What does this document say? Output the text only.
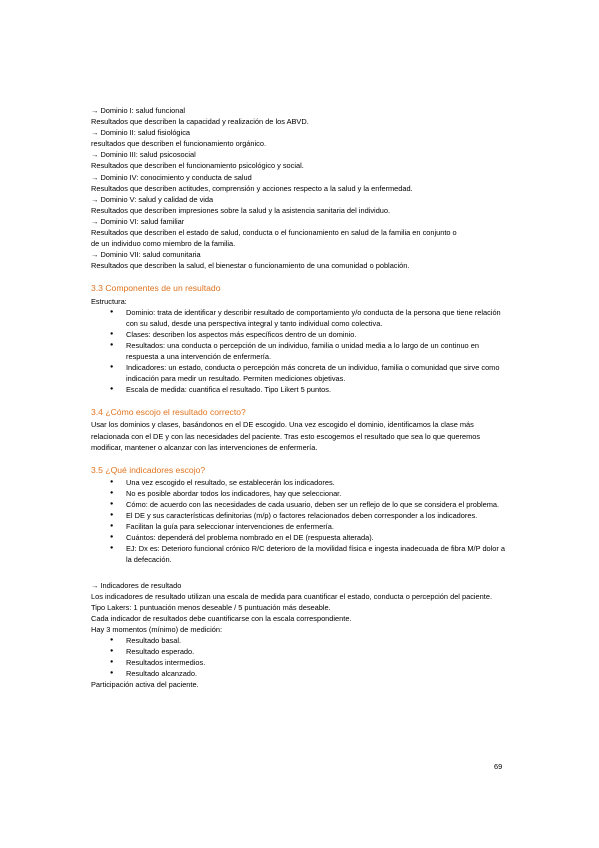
→ Dominio I: salud funcional
Resultados que describen la capacidad y realización de los ABVD.
→ Dominio II: salud fisiológica
resultados que describen el funcionamiento orgánico.
→ Dominio III: salud psicosocial
Resultados que describen el funcionamiento psicológico y social.
→ Dominio IV: conocimiento y conducta de salud
Resultados que describen actitudes, comprensión y acciones respecto a la salud y la enfermedad.
→ Dominio V: salud y calidad de vida
Resultados que describen impresiones sobre la salud y la asistencia sanitaria del individuo.
→ Dominio VI: salud familiar
Resultados que describen el estado de salud, conducta o el funcionamiento en salud de la familia en conjunto o
de un individuo como miembro de la familia.
→ Dominio VII: salud comunitaria
Resultados que describen la salud, el bienestar o funcionamiento de una comunidad o población.
3.3 Componentes de un resultado
Estructura:
● Dominio: trata de identificar y describir resultado de comportamiento y/o conducta de la persona que tiene relación con su salud, desde una perspectiva integral y tanto individual como colectiva.
● Clases: describen los aspectos más específicos dentro de un dominio.
● Resultados: una conducta o percepción de un individuo, familia o unidad media a lo largo de un continuo en respuesta a una intervención de enfermería.
● Indicadores: un estado, conducta o percepción más concreta de un individuo, familia o comunidad que sirve como indicación para medir un resultado. Permiten mediciones objetivas.
● Escala de medida: cuantifica el resultado. Tipo Likert 5 puntos.
3.4 ¿Cómo escojo el resultado correcto?
Usar los dominios y clases, basándonos en el DE escogido. Una vez escogido el dominio, identificamos la clase más relacionada con el DE y con las necesidades del paciente. Tras esto escogemos el resultado que sea lo que queremos modificar, mantener o alcanzar con las intervenciones de enfermería.
3.5 ¿Qué indicadores escojo?
● Una vez escogido el resultado, se establecerán los indicadores.
● No es posible abordar todos los indicadores, hay que seleccionar.
● Cómo: de acuerdo con las necesidades de cada usuario, deben ser un reflejo de lo que se considera el problema.
● El DE y sus características definitorias (m/p) o factores relacionados deben corresponder a los indicadores.
● Facilitan la guía para seleccionar intervenciones de enfermería.
● Cuántos: dependerá del problema nombrado en el DE (respuesta alterada).
● EJ: Dx es: Deterioro funcional crónico R/C deterioro de la movilidad física e ingesta inadecuada de fibra M/P dolor a la defecación.
→ Indicadores de resultado
Los indicadores de resultado utilizan una escala de medida para cuantificar el estado, conducta o percepción del paciente.
Tipo Lakers: 1 puntuación menos deseable / 5 puntuación más deseable.
Cada indicador de resultados debe cuantificarse con la escala correspondiente.
Hay 3 momentos (mínimo) de medición:
● Resultado basal.
● Resultado esperado.
● Resultados intermedios.
● Resultado alcanzado.
Participación activa del paciente.
69
